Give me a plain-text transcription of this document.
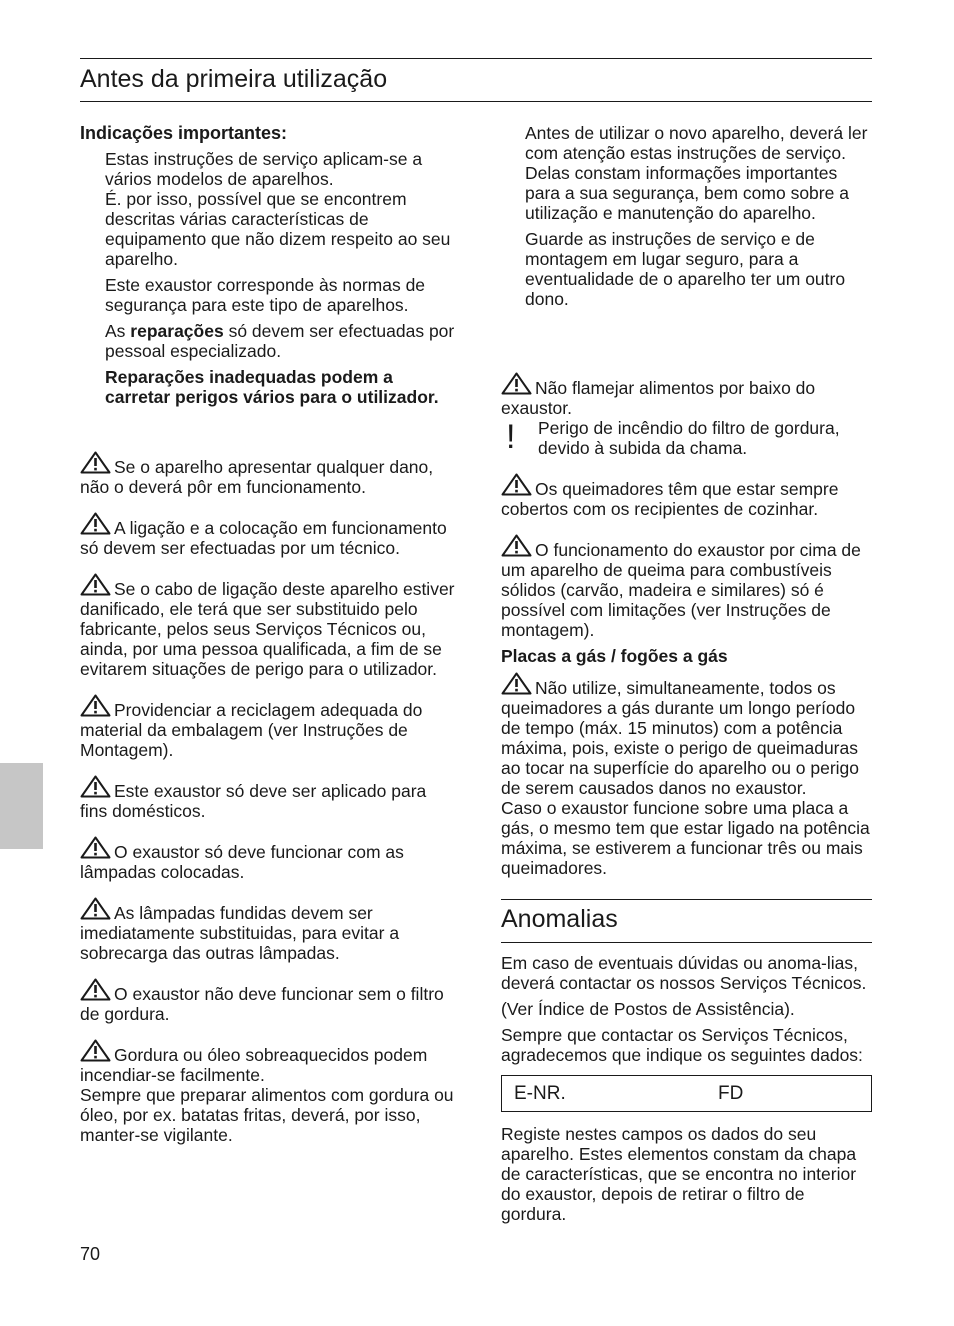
Antes da primeira utilização

Indicações importantes:

Estas instruções de serviço aplicam-se a vários modelos de aparelhos.

É. por isso, possível que se encontrem descritas várias características de equipamento que não dizem respeito ao seu aparelho.

Este exaustor corresponde às normas de segurança para este tipo de aparelhos.

As reparações só devem ser efectuadas por pessoal especializado.

Reparações inadequadas podem a carretar perigos vários para o utilizador.

Se o aparelho apresentar qualquer dano, não o deverá pôr em funcionamento.

A ligação e a colocação em funcionamento só devem ser efectuadas por um técnico.

Se o cabo de ligação deste aparelho estiver danificado, ele terá que ser substituido pelo fabricante, pelos seus Serviços Técnicos ou, ainda, por uma pessoa qualificada, a fim de se evitarem situações de perigo para o utilizador.

Providenciar a reciclagem adequada do material da embalagem (ver Instruções de Montagem).

Este exaustor só deve ser aplicado para fins domésticos.

O exaustor só deve funcionar com as lâmpadas colocadas.

As lâmpadas fundidas devem ser imediatamente substituidas, para evitar a sobrecarga das outras lâmpadas.

O exaustor não deve funcionar sem o filtro de gordura.

Gordura ou óleo sobreaquecidos podem incendiar-se facilmente.

Sempre que preparar alimentos com gordura ou óleo, por ex. batatas fritas, deverá, por isso, manter-se vigilante.

Antes de utilizar o novo aparelho, deverá ler com atenção estas instruções de serviço.

Delas constam informações importantes para a sua segurança, bem como sobre a utilização e manutenção do aparelho.

Guarde as instruções de serviço e de montagem em lugar seguro, para a eventualidade de o aparelho ter um outro dono.

Não flamejar alimentos por baixo do exaustor.

! Perigo de incêndio do filtro de gordura, devido à subida da chama.

Os queimadores têm que estar sempre cobertos com os recipientes de cozinhar.

O funcionamento do exaustor por cima de um aparelho de queima para combustíveis sólidos (carvão, madeira e similares) só é possível com limitações (ver Instruções de montagem).

Placas a gás / fogões a gás

Não utilize, simultaneamente, todos os queimadores a gás durante um longo período de tempo (máx. 15 minutos) com a potência máxima, pois, existe o perigo de queimaduras ao tocar na superfície do aparelho ou o perigo de serem causados danos no exaustor.

Caso o exaustor funcione sobre uma placa a gás, o mesmo tem que estar ligado na potência máxima, se estiverem a funcionar três ou mais queimadores.

Anomalias

Em caso de eventuais dúvidas ou anoma-lias, deverá contactar os nossos Serviços Técnicos.

(Ver Índice de Postos de Assistência).

Sempre que contactar os Serviços Técnicos, agradecemos que indique os seguintes dados:

E-NR.	FD

Registe nestes campos os dados do seu aparelho. Estes elementos constam da chapa de características, que se encontra no interior do exaustor, depois de retirar o filtro de gordura.

70
